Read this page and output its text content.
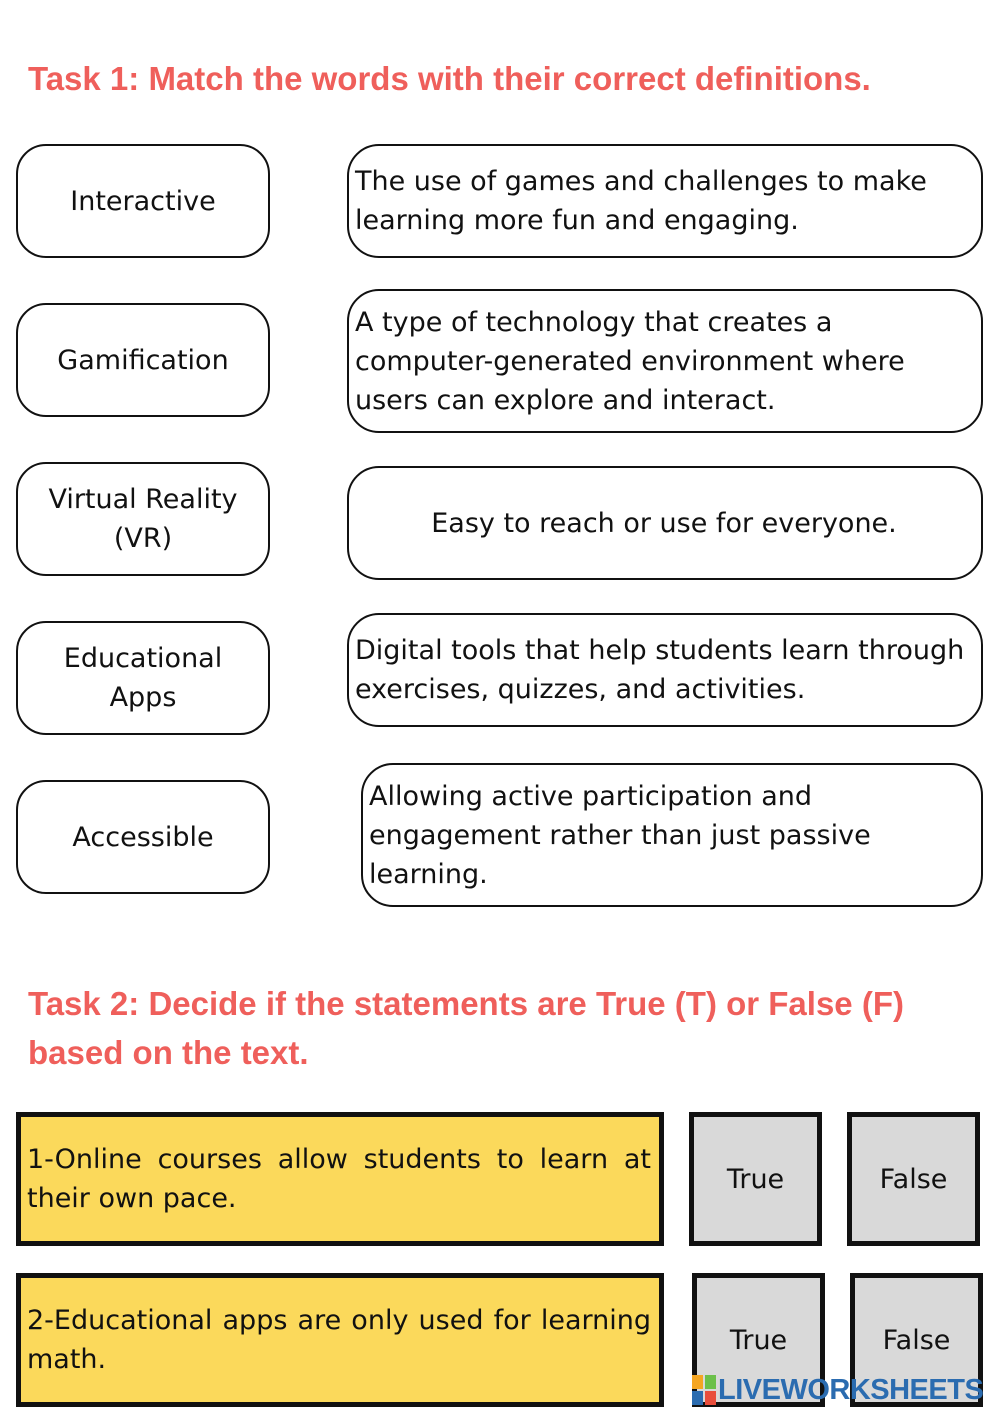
Task 1: Match the words with their correct definitions.
Interactive
Gamification
Virtual Reality (VR)
Educational Apps
Accessible
The use of games and challenges to make learning more fun and engaging.
A type of technology that creates a computer-generated environment where users can explore and interact.
Easy to reach or use for everyone.
Digital tools that help students learn through exercises, quizzes, and activities.
Allowing active participation and engagement rather than just passive learning.
Task 2: Decide if the statements are True (T) or False (F) based on the text.
1-Online courses allow students to learn at their own pace.
True	False
2-Educational apps are only used for learning math.
True	False
LIVEWORKSHEETS
